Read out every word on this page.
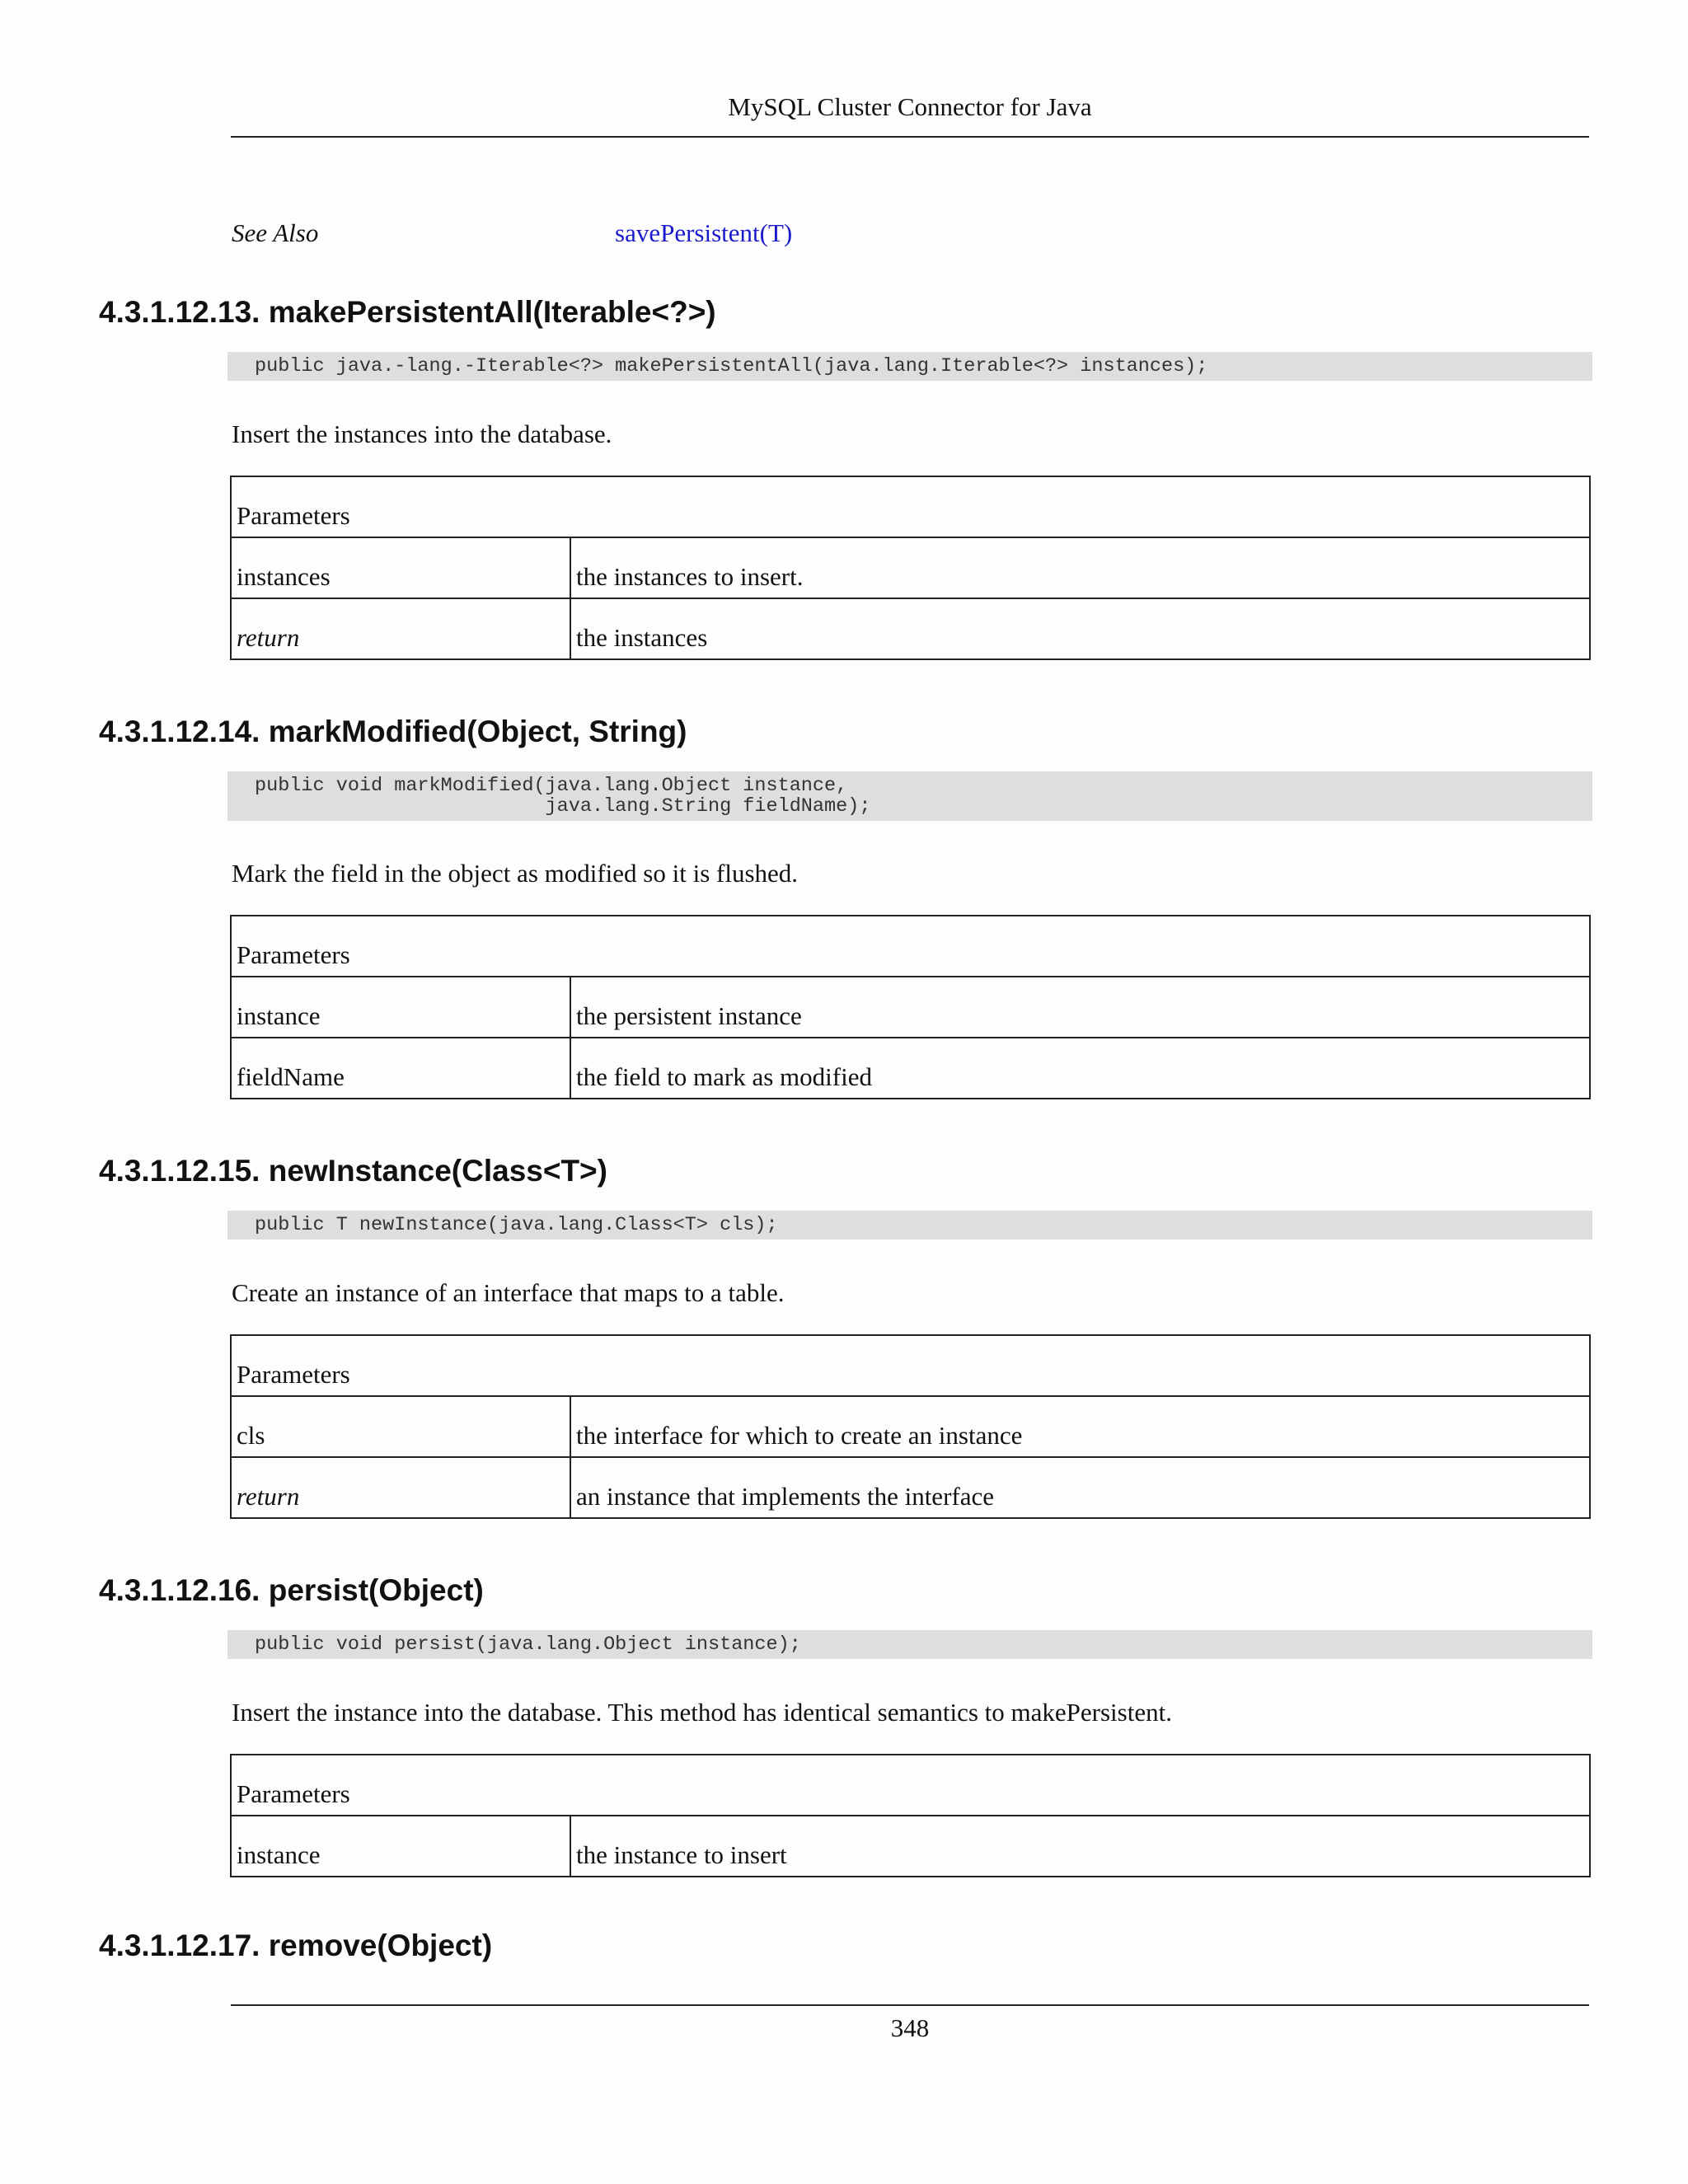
MySQL Cluster Connector for Java
See Also	savePersistent(T)
4.3.1.12.13. makePersistentAll(Iterable<?>)
public java.-lang.-Iterable<?> makePersistentAll(java.lang.Iterable<?> instances);

Insert the instances into the database.

Parameters	
instances	the instances to insert.
return	the instances
4.3.1.12.14. markModified(Object, String)
public void markModified(java.lang.Object instance,
java.lang.String fieldName);

Mark the field in the object as modified so it is flushed.

Parameters	
instance	the persistent instance
fieldName	the field to mark as modified
4.3.1.12.15. newInstance(Class<T>)
public T newInstance(java.lang.Class<T> cls);

Create an instance of an interface that maps to a table.

Parameters	
cls	the interface for which to create an instance
return	an instance that implements the interface
4.3.1.12.16. persist(Object)
public void persist(java.lang.Object instance);

Insert the instance into the database. This method has identical semantics to makePersistent.

Parameters
instance	the instance to insert
4.3.1.12.17. remove(Object)
348
